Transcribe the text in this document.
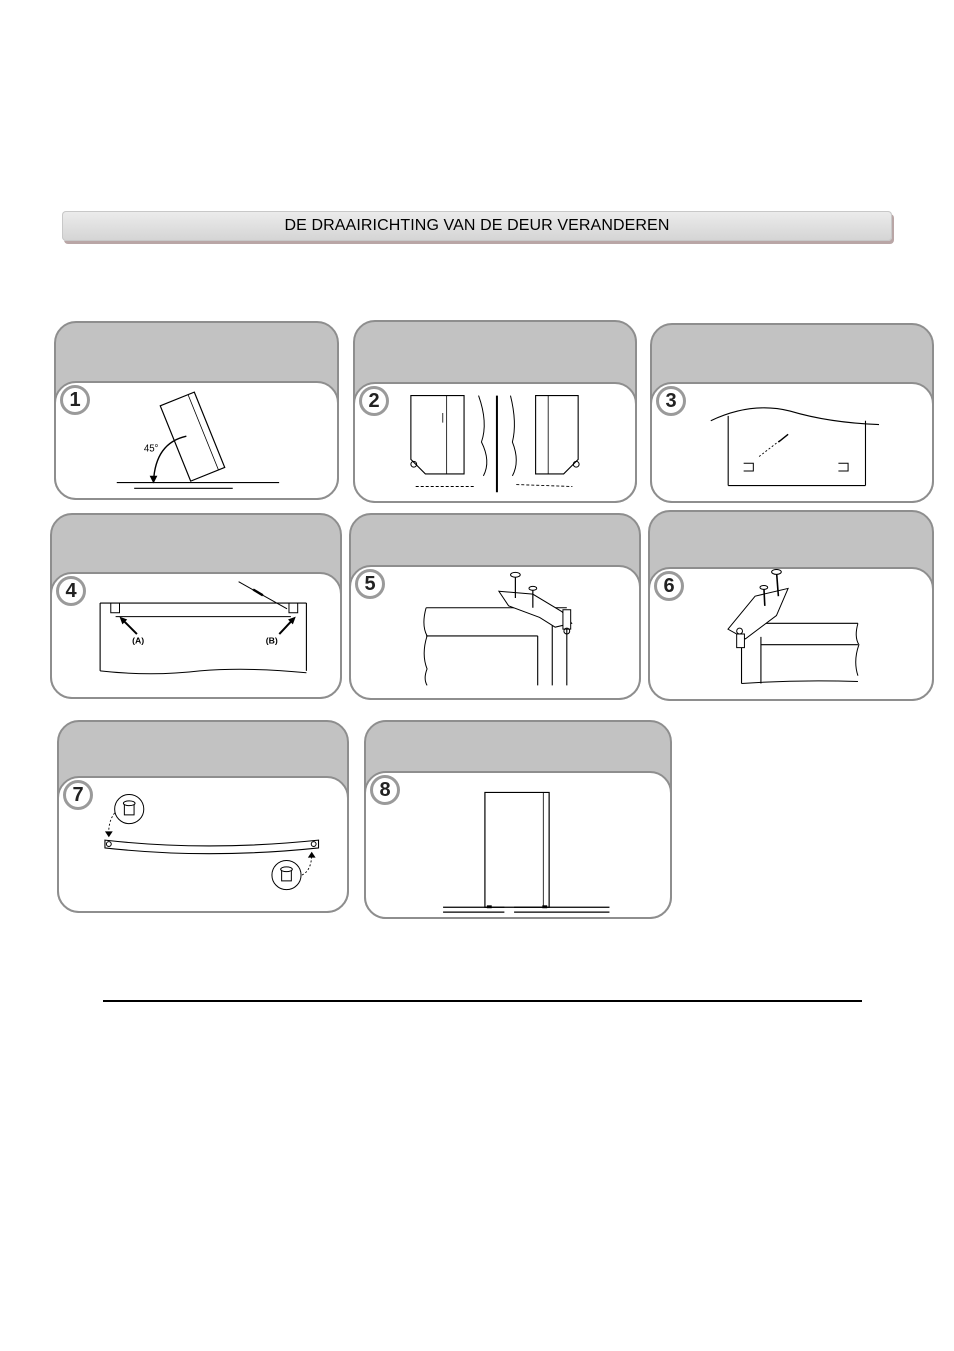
DE DRAAIRICHTING VAN DE DEUR VERANDEREN
1
45°
2	3
4
(A)	(B)
5	6
7	8
